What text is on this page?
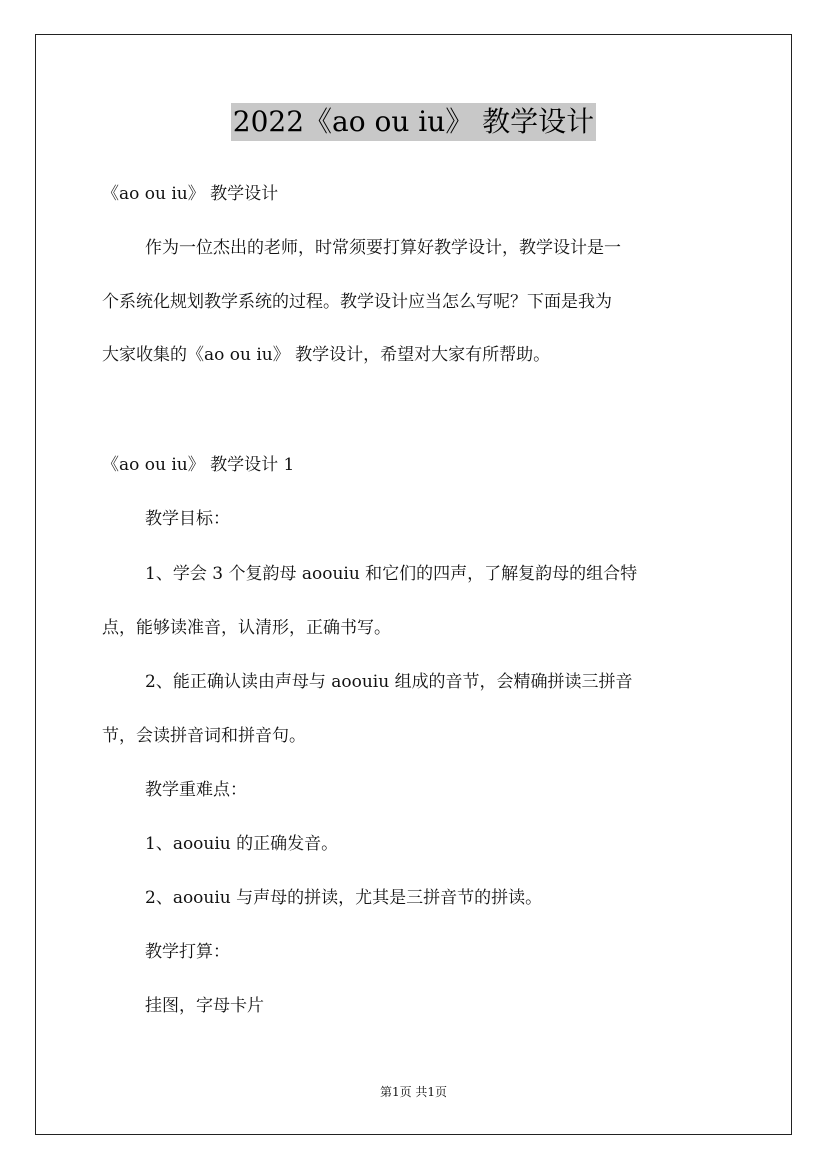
2022《ao ou iu》 教学设计
《ao ou iu》 教学设计
作为一位杰出的老师，时常须要打算好教学设计，教学设计是一
个系统化规划教学系统的过程。教学设计应当怎么写呢？下面是我为
大家收集的《ao ou iu》 教学设计，希望对大家有所帮助。
《ao ou iu》 教学设计 1
教学目标：
1、学会 3 个复韵母 aoouiu 和它们的四声，了解复韵母的组合特
点，能够读准音，认清形，正确书写。
2、能正确认读由声母与 aoouiu 组成的音节，会精确拼读三拼音
节，会读拼音词和拼音句。
教学重难点：
1、aoouiu 的正确发音。
2、aoouiu 与声母的拼读，尤其是三拼音节的拼读。
教学打算：
挂图，字母卡片
第1页 共1页
